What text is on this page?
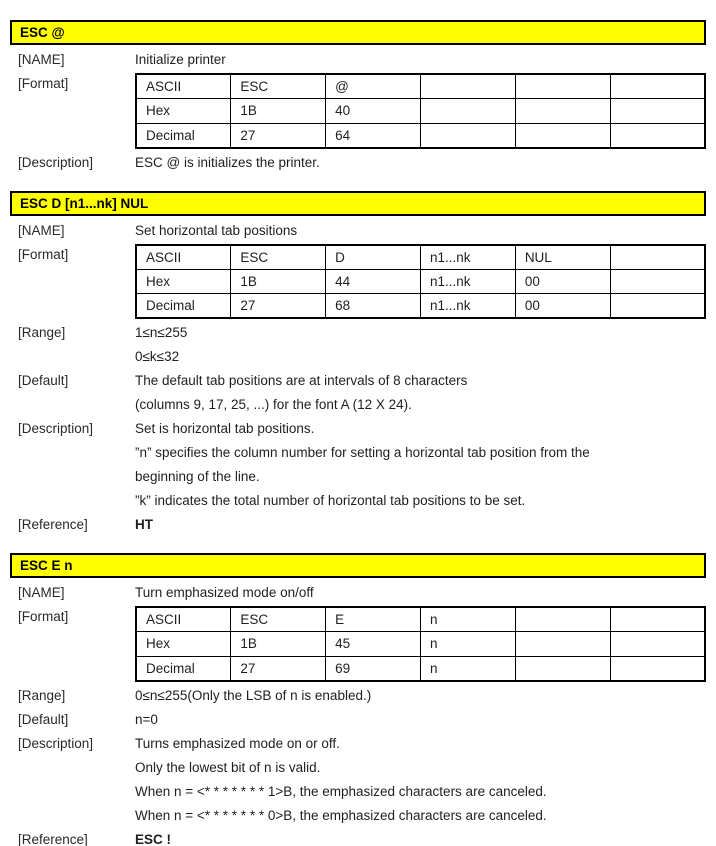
ESC @
[NAME]	Initialize printer
[Format]	ASCII	ESC	@			
Hex	1B	40			
Decimal	27	64			
[Description]	ESC @ is initializes the printer.
ESC D [n1...nk] NUL
[NAME]	Set horizontal tab positions
[Format]	ASCII	ESC	D	n1...nk	NUL	
Hex	1B	44	n1...nk	00	
Decimal	27	68	n1...nk	00	
[Range]	1≤n≤255
0≤k≤32
[Default]	The default tab positions are at intervals of 8 characters
(columns 9, 17, 25, ...) for the font A (12 X 24).
[Description]	Set is horizontal tab positions.
”n” specifies the column number for setting a horizontal tab position from the
beginning of the line.
”k” indicates the total number of horizontal tab positions to be set.
[Reference]	HT
ESC E n
[NAME]	Turn emphasized mode on/off
[Format]	ASCII	ESC	E	n		
Hex	1B	45	n		
Decimal	27	69	n		
[Range]	0≤n≤255(Only the LSB of n is enabled.)
[Default]	n=0
[Description]	Turns emphasized mode on or off.
Only the lowest bit of n is valid.
When n = <* * * * * * * 1>B, the emphasized characters are canceled.
When n = <* * * * * * * 0>B, the emphasized characters are canceled.
[Reference]	ESC !
